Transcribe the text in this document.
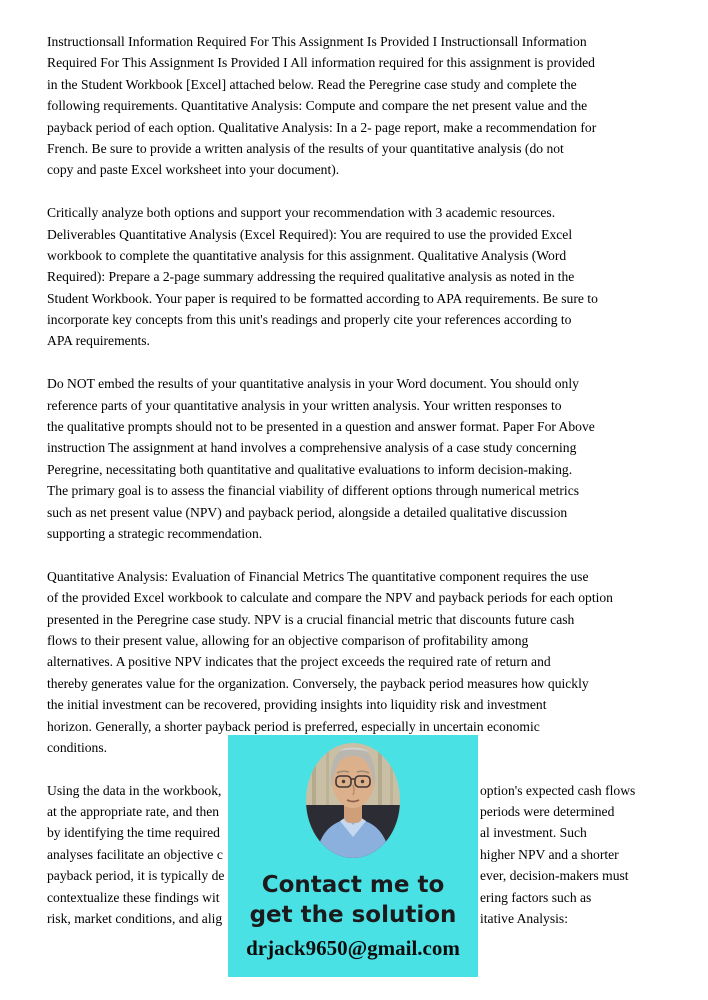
Instructionsall Information Required For This Assignment Is Provided I Instructionsall Information
Required For This Assignment Is Provided I All information required for this assignment is provided
in the Student Workbook [Excel] attached below. Read the Peregrine case study and complete the
following requirements. Quantitative Analysis: Compute and compare the net present value and the
payback period of each option. Qualitative Analysis: In a 2- page report, make a recommendation for
French. Be sure to provide a written analysis of the results of your quantitative analysis (do not
copy and paste Excel worksheet into your document).
Critically analyze both options and support your recommendation with 3 academic resources.
Deliverables Quantitative Analysis (Excel Required): You are required to use the provided Excel
workbook to complete the quantitative analysis for this assignment. Qualitative Analysis (Word
Required): Prepare a 2-page summary addressing the required qualitative analysis as noted in the
Student Workbook. Your paper is required to be formatted according to APA requirements. Be sure to
incorporate key concepts from this unit's readings and properly cite your references according to
APA requirements.
Do NOT embed the results of your quantitative analysis in your Word document. You should only
reference parts of your quantitative analysis in your written analysis. Your written responses to
the qualitative prompts should not to be presented in a question and answer format. Paper For Above
instruction The assignment at hand involves a comprehensive analysis of a case study concerning
Peregrine, necessitating both quantitative and qualitative evaluations to inform decision-making.
The primary goal is to assess the financial viability of different options through numerical metrics
such as net present value (NPV) and payback period, alongside a detailed qualitative discussion
supporting a strategic recommendation.
Quantitative Analysis: Evaluation of Financial Metrics The quantitative component requires the use
of the provided Excel workbook to calculate and compare the NPV and payback periods for each option
presented in the Peregrine case study. NPV is a crucial financial metric that discounts future cash
flows to their present value, allowing for an objective comparison of profitability among
alternatives. A positive NPV indicates that the project exceeds the required rate of return and
thereby generates value for the organization. Conversely, the payback period measures how quickly
the initial investment can be recovered, providing insights into liquidity risk and investment
horizon. Generally, a shorter payback period is preferred, especially in uncertain economic
conditions.
Using the data in the workbook,	option's expected cash flows
at the appropriate rate, and then	periods were determined
by identifying the time required	al investment. Such
analyses facilitate an objective c	higher NPV and a shorter
payback period, it is typically de	ever, decision-makers must
contextualize these findings wit	ering factors such as
risk, market conditions, and alig	itative Analysis:
Contact me to
get the solution
drjack9650@gmail.com
